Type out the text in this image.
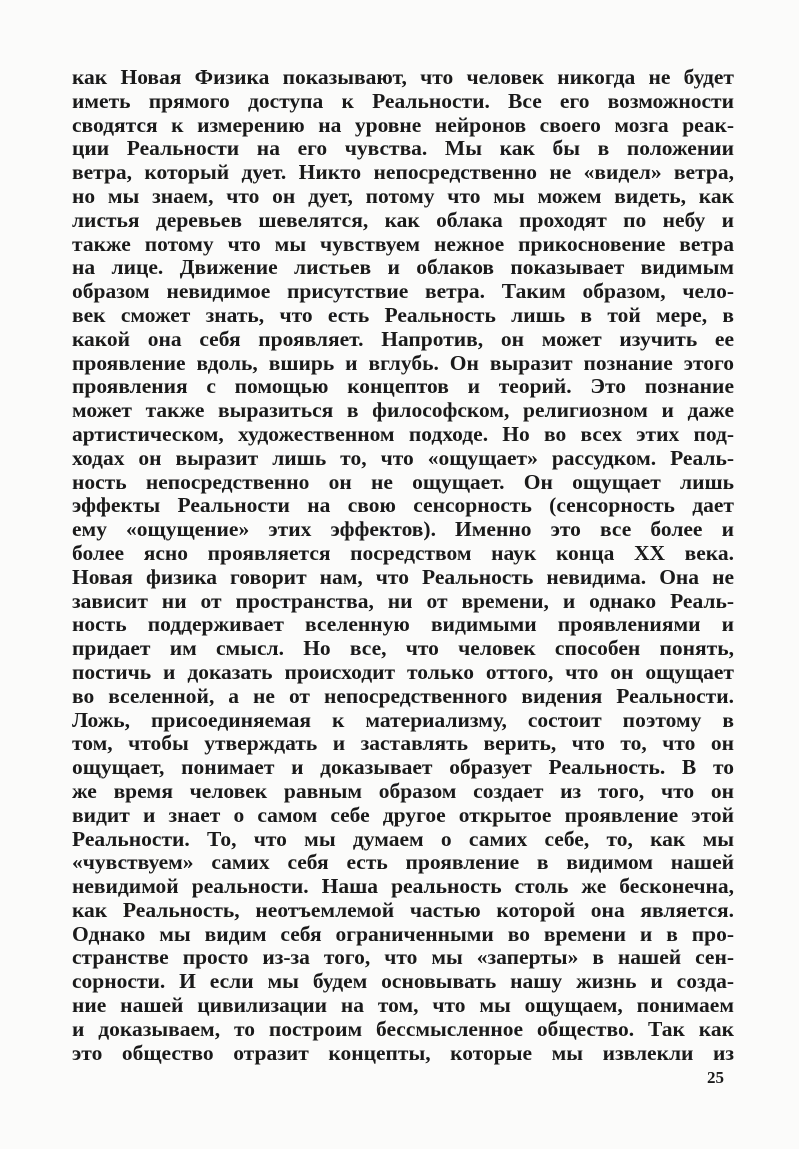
как Новая Физика показывают, что человек никогда не будет
иметь прямого доступа к Реальности. Все его возможности
сводятся к измерению на уровне нейронов своего мозга реак-
ции Реальности на его чувства. Мы как бы в положении
ветра, который дует. Никто непосредственно не «видел» ветра,
но мы знаем, что он дует, потому что мы можем видеть, как
листья деревьев шевелятся, как облака проходят по небу и
также потому что мы чувствуем нежное прикосновение ветра
на лице. Движение листьев и облаков показывает видимым
образом невидимое присутствие ветра. Таким образом, чело-
век сможет знать, что есть Реальность лишь в той мере, в
какой она себя проявляет. Напротив, он может изучить ее
проявление вдоль, вширь и вглубь. Он выразит познание этого
проявления с помощью концептов и теорий. Это познание
может также выразиться в философском, религиозном и даже
артистическом, художественном подходе. Но во всех этих под-
ходах он выразит лишь то, что «ощущает» рассудком. Реаль-
ность непосредственно он не ощущает. Он ощущает лишь
эффекты Реальности на свою сенсорность (сенсорность дает
ему «ощущение» этих эффектов). Именно это все более и
более ясно проявляется посредством наук конца XX века.
Новая физика говорит нам, что Реальность невидима. Она не
зависит ни от пространства, ни от времени, и однако Реаль-
ность поддерживает вселенную видимыми проявлениями и
придает им смысл. Но все, что человек способен понять,
постичь и доказать происходит только оттого, что он ощущает
во вселенной, а не от непосредственного видения Реальности.
Ложь, присоединяемая к материализму, состоит поэтому в
том, чтобы утверждать и заставлять верить, что то, что он
ощущает, понимает и доказывает образует Реальность. В то
же время человек равным образом создает из того, что он
видит и знает о самом себе другое открытое проявление этой
Реальности. То, что мы думаем о самих себе, то, как мы
«чувствуем» самих себя есть проявление в видимом нашей
невидимой реальности. Наша реальность столь же бесконечна,
как Реальность, неотъемлемой частью которой она является.
Однако мы видим себя ограниченными во времени и в про-
странстве просто из-за того, что мы «заперты» в нашей сен-
сорности. И если мы будем основывать нашу жизнь и созда-
ние нашей цивилизации на том, что мы ощущаем, понимаем
и доказываем, то построим бессмысленное общество. Так как
это общество отразит концепты, которые мы извлекли из
25
